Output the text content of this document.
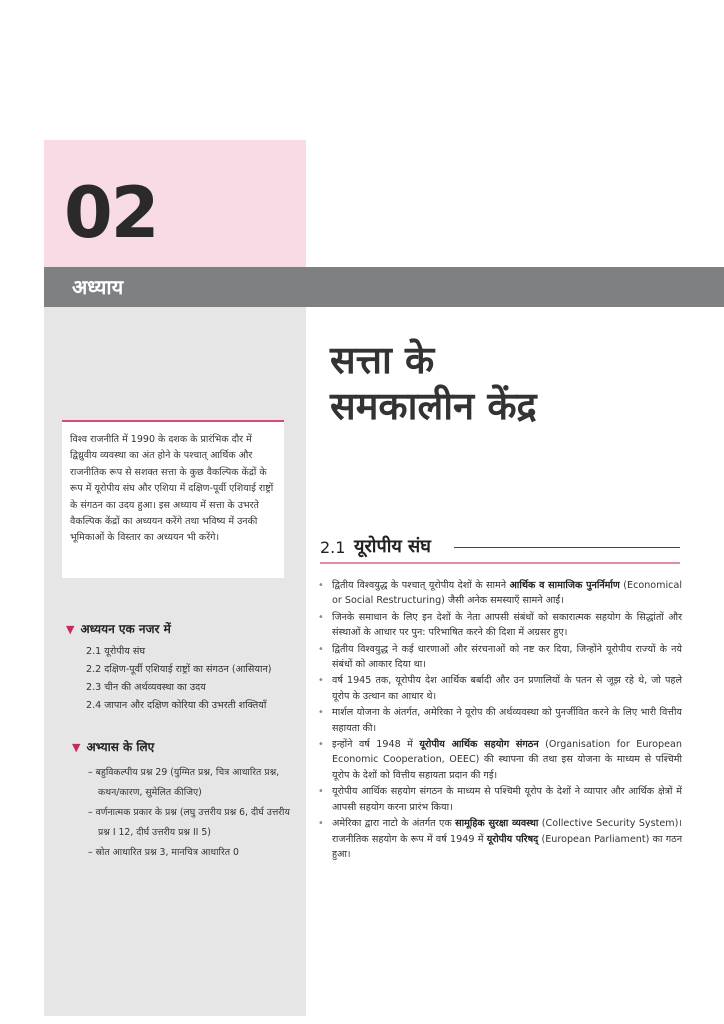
02
अध्याय
सत्ता के
समकालीन केंद्र
विश्व राजनीति में 1990 के दशक के प्रारंभिक दौर में द्विध्रुवीय व्यवस्था का अंत होने के पश्चात् आर्थिक और राजनीतिक रूप से सशक्त सत्ता के कुछ वैकल्पिक केंद्रों के रूप में यूरोपीय संघ और एशिया में दक्षिण-पूर्वी एशियाई राष्ट्रों के संगठन का उदय हुआ। इस अध्याय में सत्ता के उभरते वैकल्पिक केंद्रों का अध्ययन करेंगे तथा भविष्य में उनकी भूमिकाओं के विस्तार का अध्ययन भी करेंगे।
▼ अध्ययन एक नजर में
2.1 यूरोपीय संघ
2.2 दक्षिण-पूर्वी एशियाई राष्ट्रों का संगठन (आसियान)
2.3 चीन की अर्थव्यवस्था का उदय
2.4 जापान और दक्षिण कोरिया की उभरती शक्तियाँ
▼ अभ्यास के लिए
– बहुविकल्पीय प्रश्न 29 (युग्मित प्रश्न, चित्र आधारित प्रश्न, कथन/कारण, सुमेलित कीजिए)
– वर्णनात्मक प्रकार के प्रश्न (लघु उत्तरीय प्रश्न 6, दीर्घ उत्तरीय प्रश्न I 12, दीर्घ उत्तरीय प्रश्न II 5)
– स्रोत आधारित प्रश्न 3, मानचित्र आधारित 0
2.1 यूरोपीय संघ
• द्वितीय विश्वयुद्ध के पश्चात् यूरोपीय देशों के सामने आर्थिक व सामाजिक पुनर्निर्माण (Economical or Social Restructuring) जैसी अनेक समस्याएँ सामने आईं।
• जिनके समाधान के लिए इन देशों के नेता आपसी संबंधों को सकारात्मक सहयोग के सिद्धांतों और संस्थाओं के आधार पर पुन: परिभाषित करने की दिशा में अग्रसर हुए।
• द्वितीय विश्वयुद्ध ने कई धारणाओं और संरचनाओं को नष्ट कर दिया, जिन्होंने यूरोपीय राज्यों के नये संबंधों को आकार दिया था।
• वर्ष 1945 तक, यूरोपीय देश आर्थिक बर्बादी और उन प्रणालियों के पतन से जूझ रहे थे, जो पहले यूरोप के उत्थान का आधार थे।
• मार्शल योजना के अंतर्गत, अमेरिका ने यूरोप की अर्थव्यवस्था को पुनर्जीवित करने के लिए भारी वित्तीय सहायता की।
• इन्होंने वर्ष 1948 में यूरोपीय आर्थिक सहयोग संगठन (Organisation for European Economic Cooperation, OEEC) की स्थापना की तथा इस योजना के माध्यम से पश्चिमी यूरोप के देशों को वित्तीय सहायता प्रदान की गई।
• यूरोपीय आर्थिक सहयोग संगठन के माध्यम से पश्चिमी यूरोप के देशों ने व्यापार और आर्थिक क्षेत्रों में आपसी सहयोग करना प्रारंभ किया।
• अमेरिका द्वारा नाटो के अंतर्गत एक सामूहिक सुरक्षा व्यवस्था (Collective Security System)। राजनीतिक सहयोग के रूप में वर्ष 1949 में यूरोपीय परिषद् (European Parliament) का गठन हुआ।
